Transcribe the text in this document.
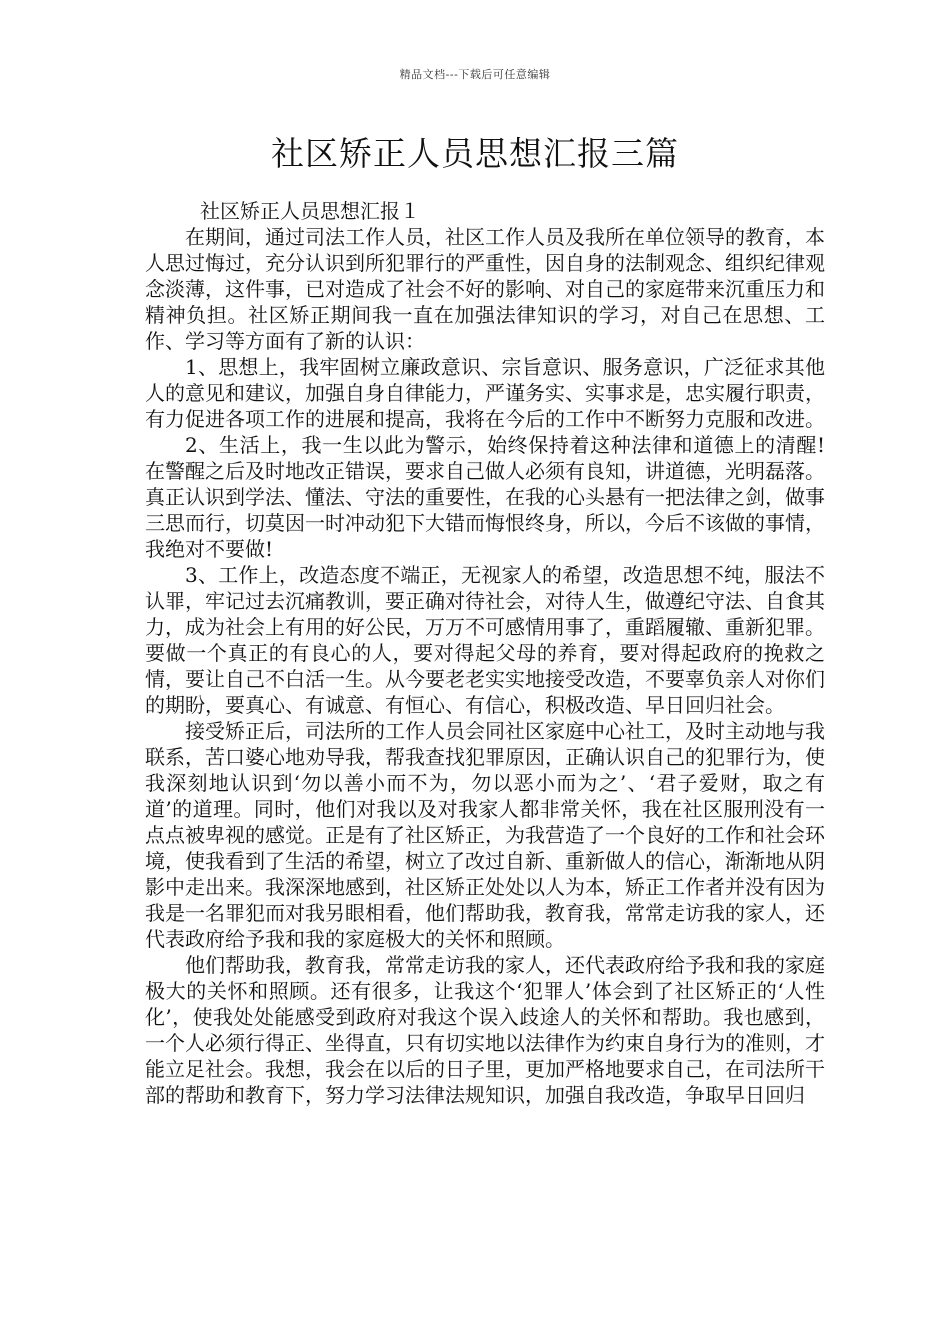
精品文档---下载后可任意编辑
社区矫正人员思想汇报三篇

社区矫正人员思想汇报１

在期间，通过司法工作人员，社区工作人员及我所在单位领导的教育，本人思过悔过，充分认识到所犯罪行的严重性，因自身的法制观念、组织纪律观念淡薄，这件事，已对造成了社会不好的影响、对自己的家庭带来沉重压力和精神负担。社区矫正期间我一直在加强法律知识的学习，对自己在思想、工作、学习等方面有了新的认识：

1、思想上，我牢固树立廉政意识、宗旨意识、服务意识，广泛征求其他人的意见和建议，加强自身自律能力，严谨务实、实事求是，忠实履行职责，有力促进各项工作的进展和提高，我将在今后的工作中不断努力克服和改进。

2、生活上，我一生以此为警示，始终保持着这种法律和道德上的清醒!在警醒之后及时地改正错误，要求自己做人必须有良知，讲道德，光明磊落。真正认识到学法、懂法、守法的重要性，在我的心头悬有一把法律之剑，做事三思而行，切莫因一时冲动犯下大错而悔恨终身，所以，今后不该做的事情，我绝对不要做!

3、工作上，改造态度不端正，无视家人的希望，改造思想不纯，服法不认罪，牢记过去沉痛教训，要正确对待社会，对待人生，做遵纪守法、自食其力，成为社会上有用的好公民，万万不可感情用事了，重蹈履辙、重新犯罪。要做一个真正的有良心的人，要对得起父母的养育，要对得起政府的挽救之情，要让自己不白活一生。从今要老老实实地接受改造，不要辜负亲人对你们的期盼，要真心、有诚意、有恒心、有信心，积极改造、早日回归社会。

接受矫正后，司法所的工作人员会同社区家庭中心社工，及时主动地与我联系，苦口婆心地劝导我，帮我查找犯罪原因，正确认识自己的犯罪行为，使我深刻地认识到‘勿以善小而不为，勿以恶小而为之’、‘君子爱财，取之有道’的道理。同时，他们对我以及对我家人都非常关怀，我在社区服刑没有一点点被卑视的感觉。正是有了社区矫正，为我营造了一个良好的工作和社会环境，使我看到了生活的希望，树立了改过自新、重新做人的信心，渐渐地从阴影中走出来。我深深地感到，社区矫正处处以人为本，矫正工作者并没有因为我是一名罪犯而对我另眼相看，他们帮助我，教育我，常常走访我的家人，还代表政府给予我和我的家庭极大的关怀和照顾。

他们帮助我，教育我，常常走访我的家人，还代表政府给予我和我的家庭极大的关怀和照顾。还有很多，让我这个‘犯罪人’体会到了社区矫正的‘人性化’，使我处处能感受到政府对我这个误入歧途人的关怀和帮助。我也感到，一个人必须行得正、坐得直，只有切实地以法律作为约束自身行为的准则，才能立足社会。我想，我会在以后的日子里，更加严格地要求自己，在司法所干部的帮助和教育下，努力学习法律法规知识，加强自我改造，争取早日回归
